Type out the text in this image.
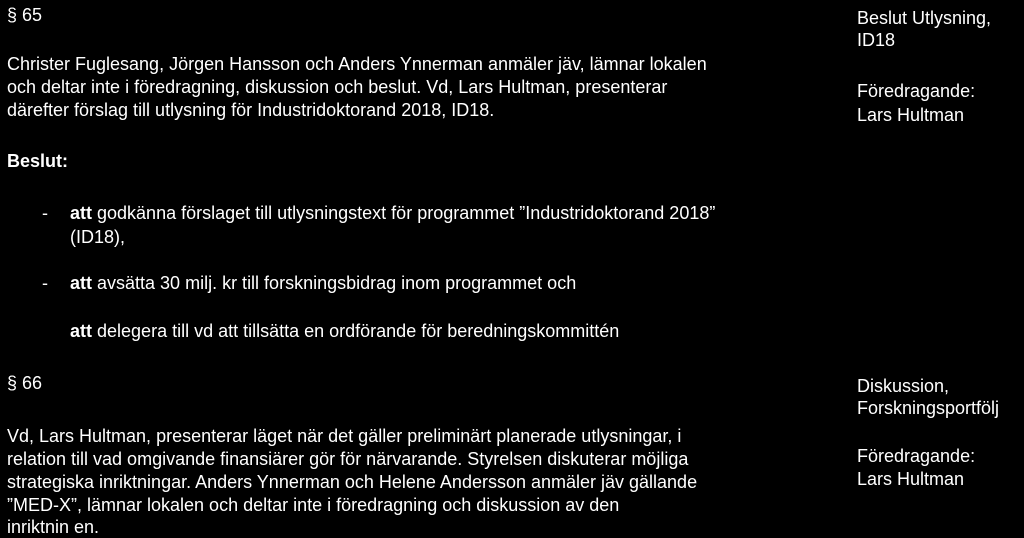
§ 65	Beslut Utlysning,
ID18
Föredragande:
Lars Hultman
Christer Fuglesang, Jörgen Hansson och Anders Ynnerman anmäler jäv, lämnar lokalen
och deltar inte i föredragning, diskussion och beslut. Vd, Lars Hultman, presenterar
därefter förslag till utlysning för Industridoktorand 2018, ID18.
Beslut:
- att godkänna förslaget till utlysningstext för programmet ”Industridoktorand 2018”
(ID18),
- att avsätta 30 milj. kr till forskningsbidrag inom programmet och
att delegera till vd att tillsätta en ordförande för beredningskommittén
§ 66	Diskussion,
Forskningsportfölj
Föredragande:
Lars Hultman
Vd, Lars Hultman, presenterar läget när det gäller preliminärt planerade utlysningar, i
relation till vad omgivande finansiärer gör för närvarande. Styrelsen diskuterar möjliga
strategiska inriktningar. Anders Ynnerman och Helene Andersson anmäler jäv gällande
”MED-X”, lämnar lokalen och deltar inte i föredragning och diskussion av den
inriktnin en.
